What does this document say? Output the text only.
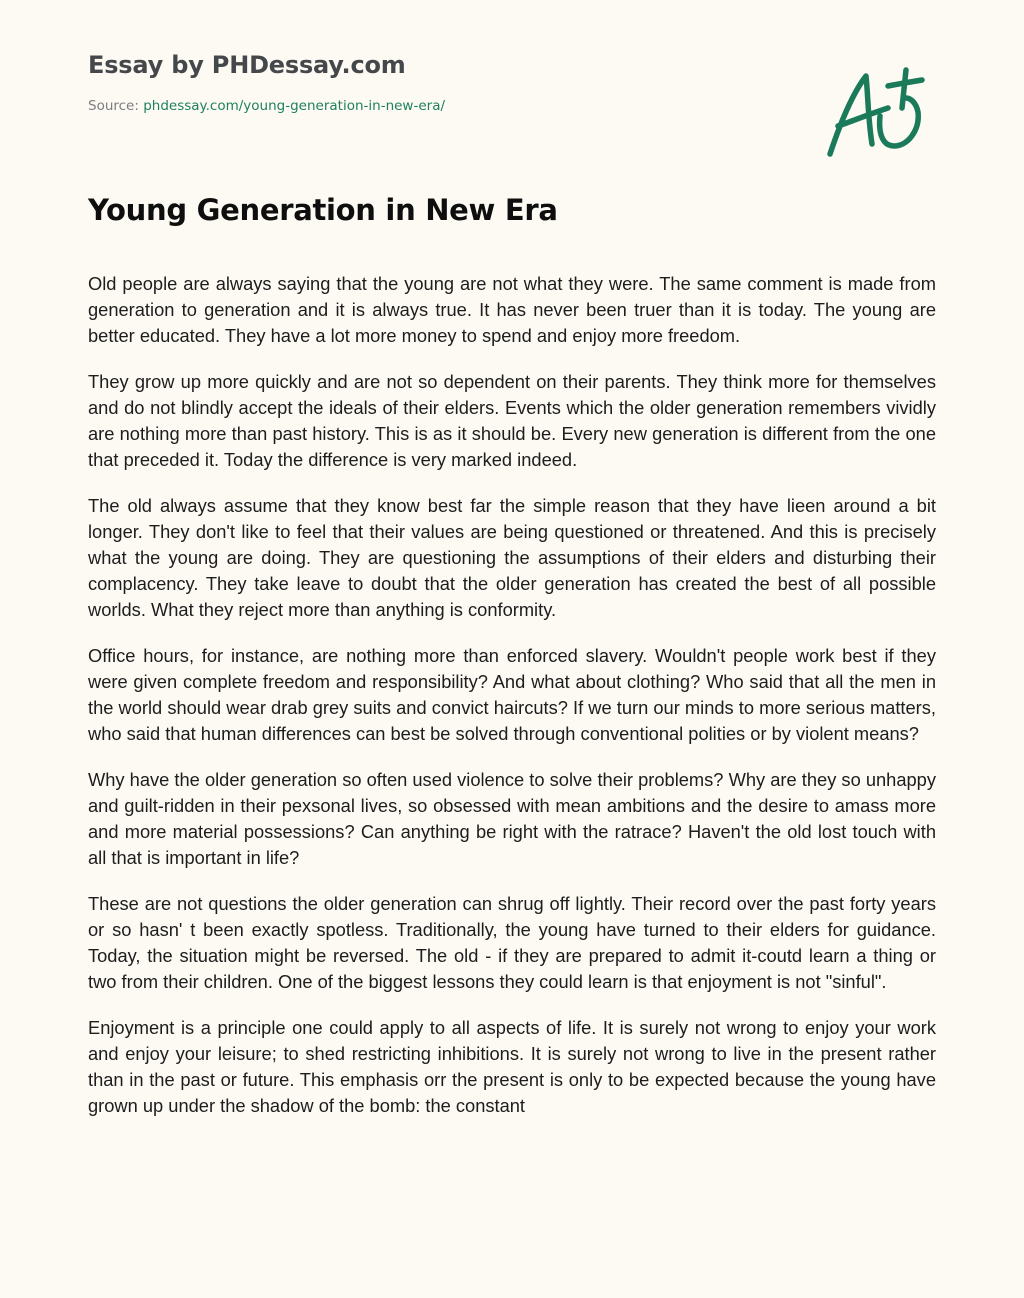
Essay by PHDessay.com
Source: phdessay.com/young-generation-in-new-era/
Young Generation in New Era

Old people are always saying that the young are not what they were. The same comment is made from generation to generation and it is always true. It has never been truer than it is today. The young are better educated. They have a lot more money to spend and enjoy more freedom.

They grow up more quickly and are not so dependent on their parents. They think more for themselves and do not blindly accept the ideals of their elders. Events which the older generation remembers vividly are nothing more than past history. This is as it should be. Every new generation is different from the one that preceded it. Today the difference is very marked indeed.

The old always assume that they know best far the simple reason that they have lieen around a bit longer. They don't like to feel that their values are being questioned or threatened. And this is precisely what the young are doing. They are questioning the assumptions of their elders and disturbing their complacency. They take leave to doubt that the older generation has created the best of all possible worlds. What they reject more than anything is conformity.

Office hours, for instance, are nothing more than enforced slavery. Wouldn't people work best if they were given complete freedom and responsibility? And what about clothing? Who said that all the men in the world should wear drab grey suits and convict haircuts? If we turn our minds to more serious matters, who said that human differences can best be solved through conventional polities or by violent means?

Why have the older generation so often used violence to solve their problems? Why are they so unhappy and guilt-ridden in their pexsonal lives, so obsessed with mean ambitions and the desire to amass more and more material possessions? Can anything be right with the ratrace? Haven't the old lost touch with all that is important in life?

These are not questions the older generation can shrug off lightly. Their record over the past forty years or so hasn' t been exactly spotless. Traditionally, the young have turned to their elders for guidance. Today, the situation might be reversed. The old - if they are prepared to admit it-coutd learn a thing or two from their children. One of the biggest lessons they could learn is that enjoyment is not "sinful".

Enjoyment is a principle one could apply to all aspects of life. It is surely not wrong to enjoy your work and enjoy your leisure; to shed restricting inhibitions. It is surely not wrong to live in the present rather than in the past or future. This emphasis orr the present is only to be expected because the young have grown up under the shadow of the bomb: the constant
